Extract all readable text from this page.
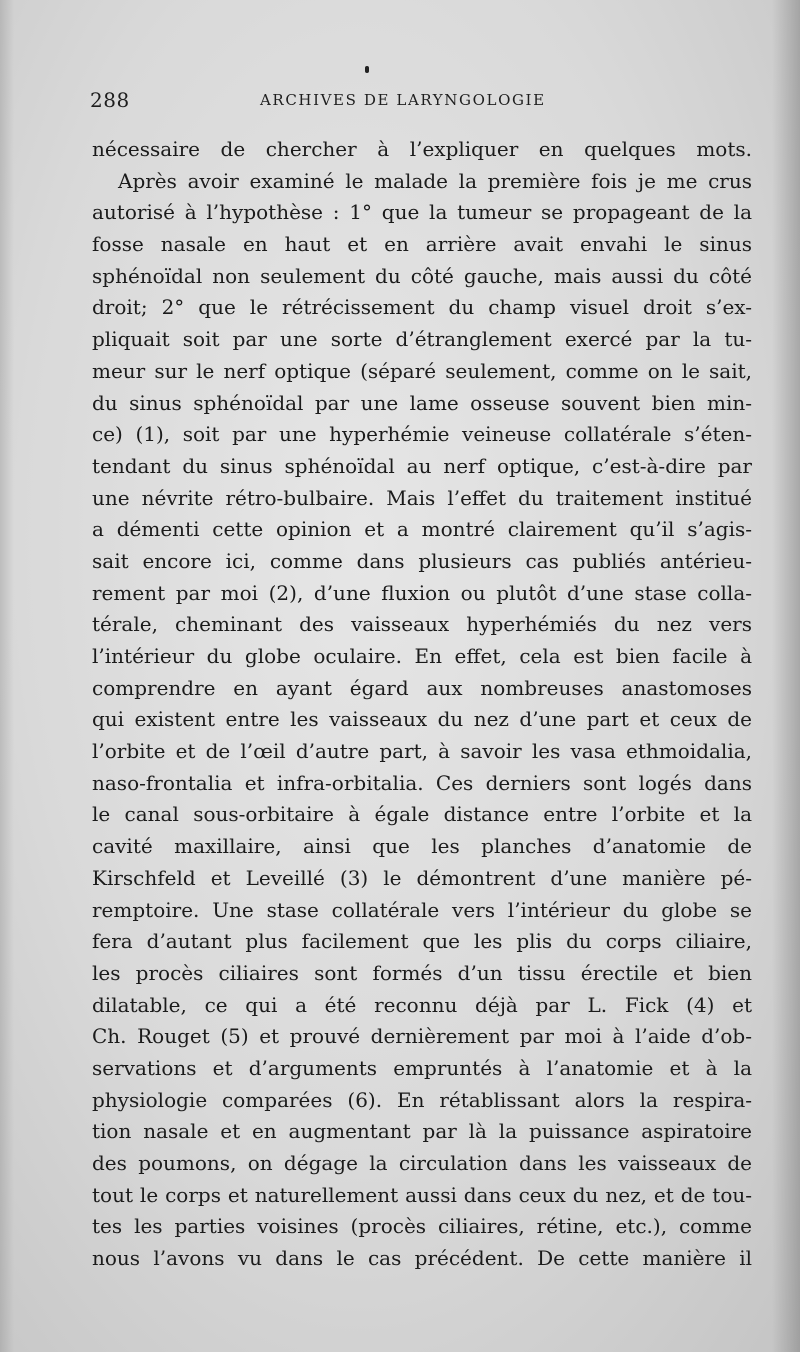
288	ARCHIVES DE LARYNGOLOGIE
nécessaire de chercher à l’expliquer en quelques mots.
Après avoir examiné le malade la première fois je me crus
autorisé à l’hypothèse : 1° que la tumeur se propageant de la
fosse nasale en haut et en arrière avait envahi le sinus
sphénoïdal non seulement du côté gauche, mais aussi du côté
droit; 2° que le rétrécissement du champ visuel droit s’ex-
pliquait soit par une sorte d’étranglement exercé par la tu-
meur sur le nerf optique (séparé seulement, comme on le sait,
du sinus sphénoïdal par une lame osseuse souvent bien min-
ce) (1), soit par une hyperhémie veineuse collatérale s’éten-
tendant du sinus sphénoïdal au nerf optique, c’est-à-dire par
une névrite rétro-bulbaire. Mais l’effet du traitement institué
a démenti cette opinion et a montré clairement qu’il s’agis-
sait encore ici, comme dans plusieurs cas publiés antérieu-
rement par moi (2), d’une fluxion ou plutôt d’une stase colla-
térale, cheminant des vaisseaux hyperhémiés du nez vers
l’intérieur du globe oculaire. En effet, cela est bien facile à
comprendre en ayant égard aux nombreuses anastomoses
qui existent entre les vaisseaux du nez d’une part et ceux de
l’orbite et de l’œil d’autre part, à savoir les vasa ethmoidalia,
naso-frontalia et infra-orbitalia. Ces derniers sont logés dans
le canal sous-orbitaire à égale distance entre l’orbite et la
cavité maxillaire, ainsi que les planches d’anatomie de
Kirschfeld et Leveillé (3) le démontrent d’une manière pé-
remptoire. Une stase collatérale vers l’intérieur du globe se
fera d’autant plus facilement que les plis du corps ciliaire,
les procès ciliaires sont formés d’un tissu érectile et bien
dilatable, ce qui a été reconnu déjà par L. Fick (4) et
Ch. Rouget (5) et prouvé dernièrement par moi à l’aide d’ob-
servations et d’arguments empruntés à l’anatomie et à la
physiologie comparées (6). En rétablissant alors la respira-
tion nasale et en augmentant par là la puissance aspiratoire
des poumons, on dégage la circulation dans les vaisseaux de
tout le corps et naturellement aussi dans ceux du nez, et de tou-
tes les parties voisines (procès ciliaires, rétine, etc.), comme
nous l’avons vu dans le cas précédent. De cette manière il
